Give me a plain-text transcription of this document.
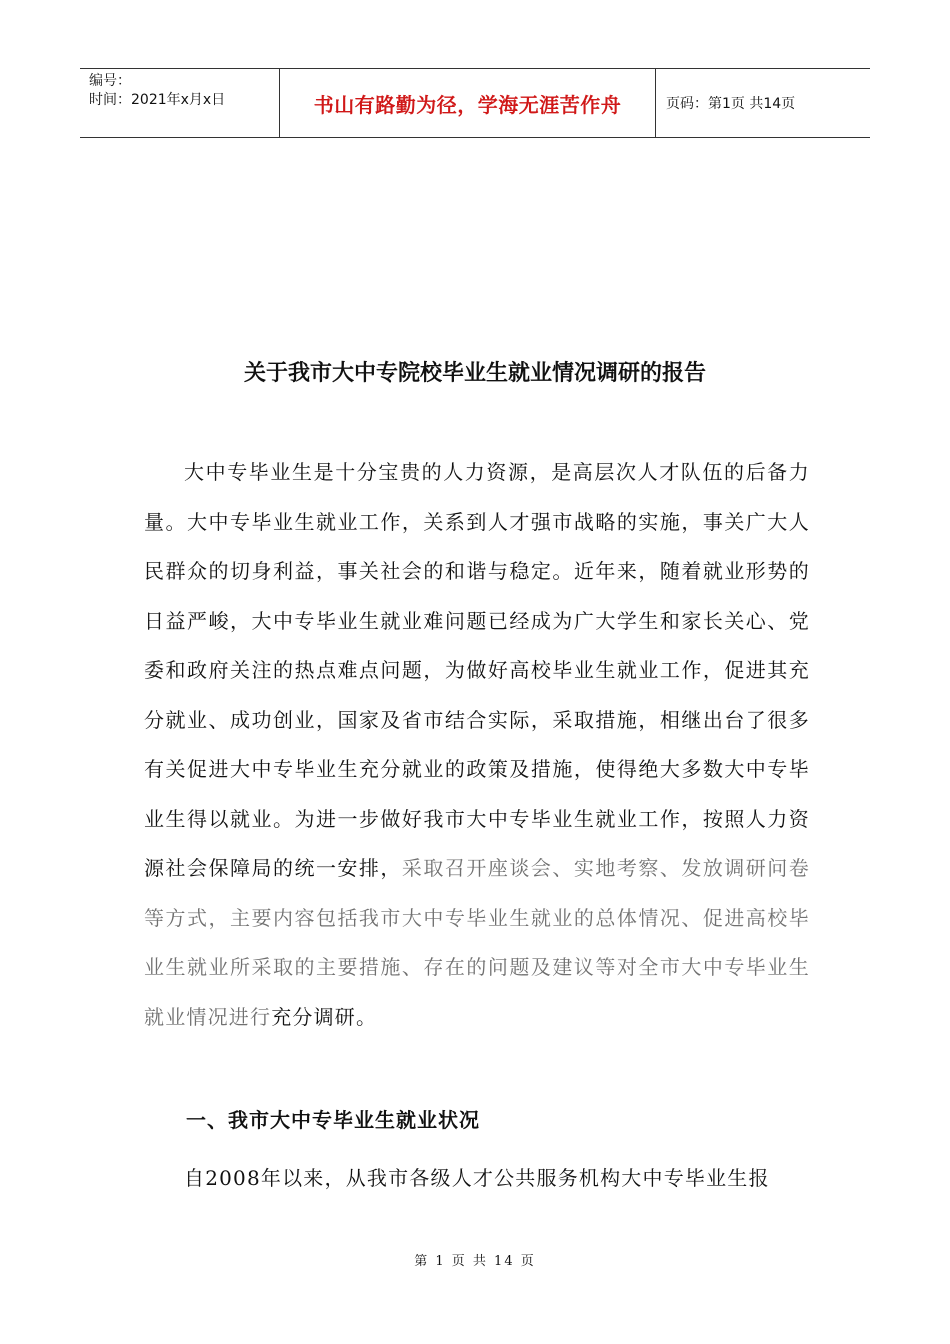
编号：
时间：2021年x月x日	书山有路勤为径，学海无涯苦作舟	页码：第1页 共14页
关于我市大中专院校毕业生就业情况调研的报告

大中专毕业生是十分宝贵的人力资源，是高层次人才队伍的后备力量。大中专毕业生就业工作，关系到人才强市战略的实施，事关广大人民群众的切身利益，事关社会的和谐与稳定。近年来，随着就业形势的日益严峻，大中专毕业生就业难问题已经成为广大学生和家长关心、党委和政府关注的热点难点问题，为做好高校毕业生就业工作，促进其充分就业、成功创业，国家及省市结合实际，采取措施，相继出台了很多有关促进大中专毕业生充分就业的政策及措施，使得绝大多数大中专毕业生得以就业。为进一步做好我市大中专毕业生就业工作，按照人力资源社会保障局的统一安排，采取召开座谈会、实地考察、发放调研问卷等方式，主要内容包括我市大中专毕业生就业的总体情况、促进高校毕业生就业所采取的主要措施、存在的问题及建议等对全市大中专毕业生就业情况进行充分调研。

一、我市大中专毕业生就业状况

自2008年以来，从我市各级人才公共服务机构大中专毕业生报

第 1 页 共 14 页
